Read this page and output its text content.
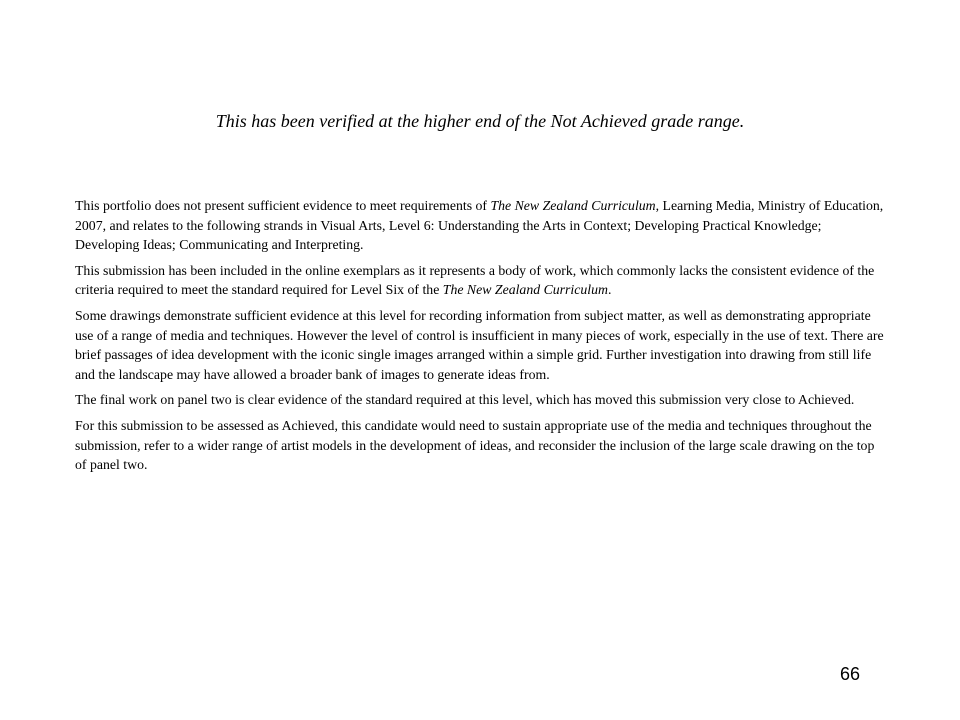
This has been verified at the higher end of the Not Achieved grade range.

This portfolio does not present sufficient evidence to meet requirements of The New Zealand Curriculum, Learning Media, Ministry of Education, 2007, and relates to the following strands in Visual Arts, Level 6: Understanding the Arts in Context; Developing Practical Knowledge; Developing Ideas; Communicating and Interpreting.

This submission has been included in the online exemplars as it represents a body of work, which commonly lacks the consistent evidence of the criteria required to meet the standard required for Level Six of the The New Zealand Curriculum.

Some drawings demonstrate sufficient evidence at this level for recording information from subject matter, as well as demonstrating appropriate use of a range of media and techniques. However the level of control is insufficient in many pieces of work, especially in the use of text. There are brief passages of idea development with the iconic single images arranged within a simple grid. Further investigation into drawing from still life and the landscape may have allowed a broader bank of images to generate ideas from.

The final work on panel two is clear evidence of the standard required at this level, which has moved this submission very close to Achieved.

For this submission to be assessed as Achieved, this candidate would need to sustain appropriate use of the media and techniques throughout the submission, refer to a wider range of artist models in the development of ideas, and reconsider the inclusion of the large scale drawing on the top of panel two.

66
